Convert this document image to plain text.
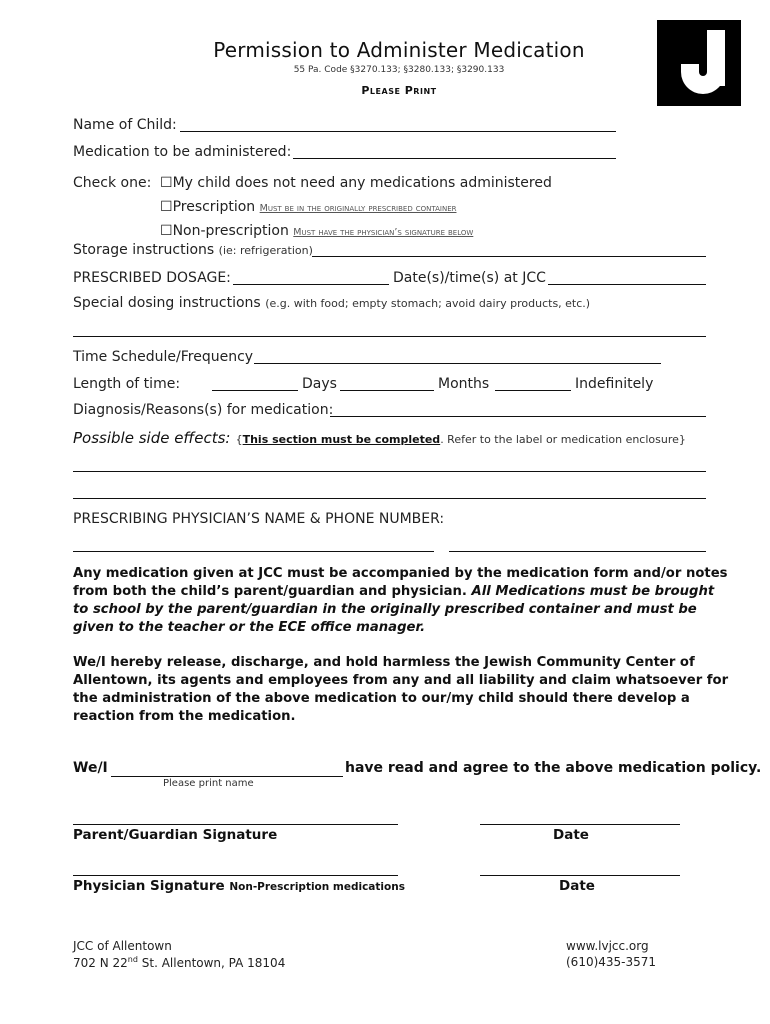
Permission to Administer Medication
55 Pa. Code §3270.133; §3280.133; §3290.133
Please Print
Name of Child:
Medication to be administered:
Check one: ☐My child does not need any medications administered
☐Prescription Must be in the originally prescribed container
☐Non-prescription Must have the physician’s signature below
Storage instructions (ie: refrigeration)
PRESCRIBED DOSAGE:	Date(s)/time(s) at JCC
Special dosing instructions (e.g. with food; empty stomach; avoid dairy products, etc.)
Time Schedule/Frequency
Length of time:	Days	Months	Indefinitely
Diagnosis/Reasons(s) for medication:
Possible side effects: {This section must be completed. Refer to the label or medication enclosure}
PRESCRIBING PHYSICIAN’S NAME & PHONE NUMBER:
Any medication given at JCC must be accompanied by the medication form and/or notes from both the child’s parent/guardian and physician. All Medications must be brought to school by the parent/guardian in the originally prescribed container and must be given to the teacher or the ECE office manager.
We/I hereby release, discharge, and hold harmless the Jewish Community Center of Allentown, its agents and employees from any and all liability and claim whatsoever for the administration of the above medication to our/my child should there develop a reaction from the medication.
We/I	have read and agree to the above medication policy.
Please print name
Parent/Guardian Signature	Date
Physician Signature Non-Prescription medications	Date
JCC of Allentown
702 N 22nd St. Allentown, PA 18104
www.lvjcc.org
(610)435-3571
